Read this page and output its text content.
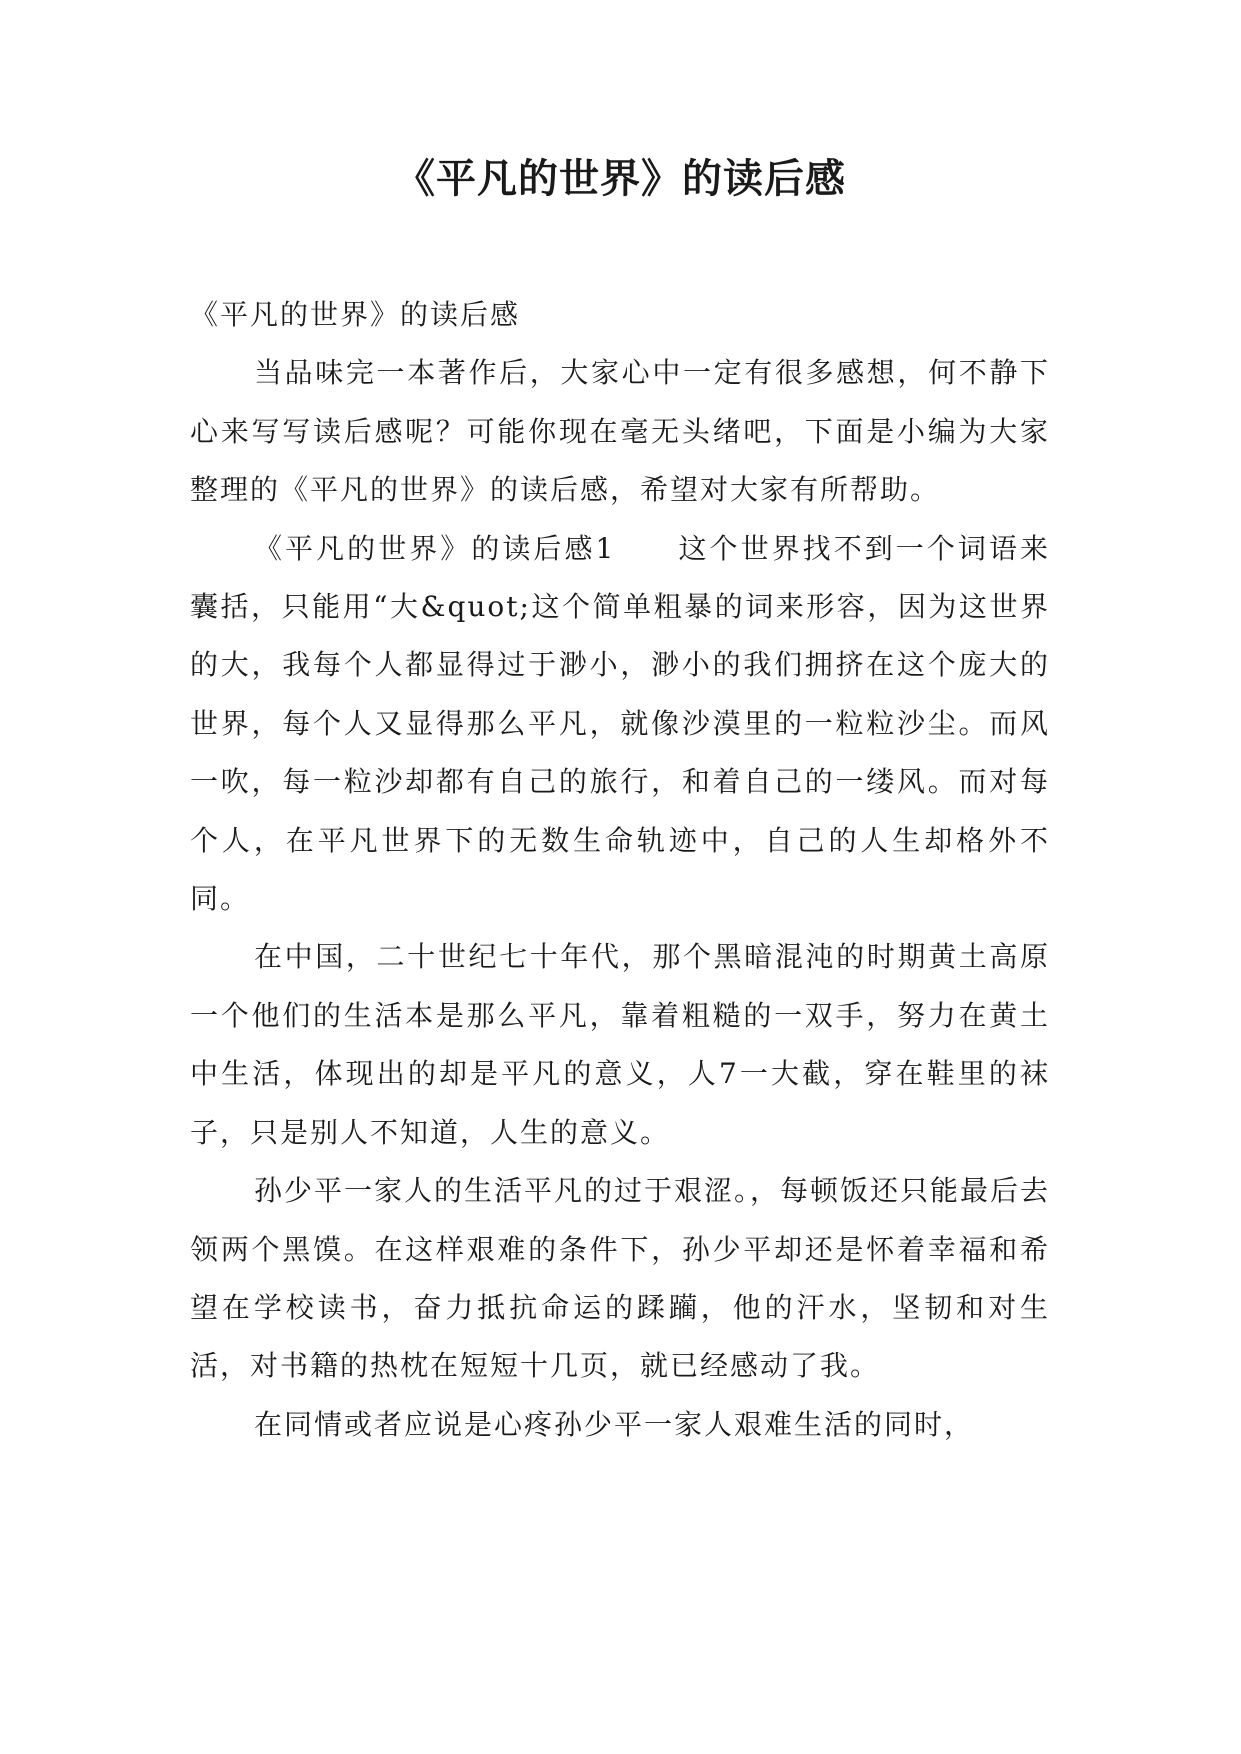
《平凡的世界》的读后感

《平凡的世界》的读后感

当品味完一本著作后，大家心中一定有很多感想，何不静下心来写写读后感呢？可能你现在毫无头绪吧，下面是小编为大家整理的《平凡的世界》的读后感，希望对大家有所帮助。

《平凡的世界》的读后感1　　这个世界找不到一个词语来囊括，只能用“大&quot;这个简单粗暴的词来形容，因为这世界的大，我每个人都显得过于渺小，渺小的我们拥挤在这个庞大的世界，每个人又显得那么平凡，就像沙漠里的一粒粒沙尘。而风一吹，每一粒沙却都有自己的旅行，和着自己的一缕风。而对每个人，在平凡世界下的无数生命轨迹中，自己的人生却格外不同。

在中国，二十世纪七十年代，那个黑暗混沌的时期黄土高原一个他们的生活本是那么平凡，靠着粗糙的一双手，努力在黄土中生活，体现出的却是平凡的意义，人7一大截，穿在鞋里的袜子，只是别人不知道，人生的意义。

孙少平一家人的生活平凡的过于艰涩。，每顿饭还只能最后去领两个黑馍。在这样艰难的条件下，孙少平却还是怀着幸福和希望在学校读书，奋力抵抗命运的蹂躏，他的汗水，坚韧和对生活，对书籍的热枕在短短十几页，就已经感动了我。

在同情或者应说是心疼孙少平一家人艰难生活的同时，
